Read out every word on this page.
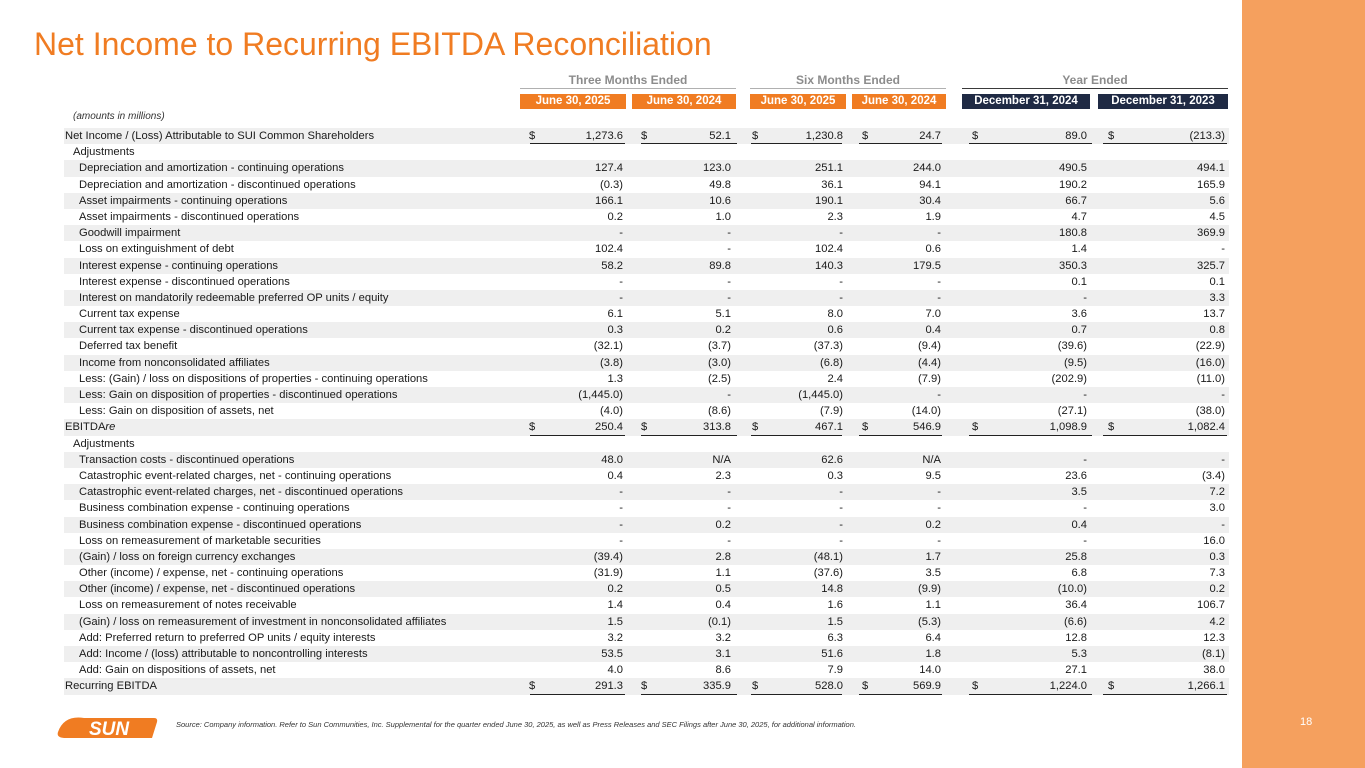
Net Income to Recurring EBITDA Reconciliation
Three Months Ended	Six Months Ended	Year Ended
June 30, 2025	June 30, 2024	June 30, 2025	June 30, 2024	December 31, 2024	December 31, 2023
(amounts in millions)
Net Income / (Loss) Attributable to SUI Common Shareholders	$	1,273.6 $	52.1 $	1,230.8 $	24.7	$	89.0 $	(213.3)
Adjustments
Depreciation and amortization - continuing operations	127.4	123.0	251.1	244.0	490.5	494.1
Depreciation and amortization - discontinued operations	(0.3)	49.8	36.1	94.1	190.2	165.9
Asset impairments - continuing operations	166.1	10.6	190.1	30.4	66.7	5.6
Asset impairments - discontinued operations	0.2	1.0	2.3	1.9	4.7	4.5
Goodwill impairment	-	-	-	-	180.8	369.9
Loss on extinguishment of debt	102.4	-	102.4	0.6	1.4	-
Interest expense - continuing operations	58.2	89.8	140.3	179.5	350.3	325.7
Interest expense - discontinued operations	-	-	-	-	0.1	0.1
Interest on mandatorily redeemable preferred OP units / equity	-	-	-	-	-	3.3
Current tax expense	6.1	5.1	8.0	7.0	3.6	13.7
Current tax expense - discontinued operations	0.3	0.2	0.6	0.4	0.7	0.8
Deferred tax benefit	(32.1)	(3.7)	(37.3)	(9.4)	(39.6)	(22.9)
Income from nonconsolidated affiliates	(3.8)	(3.0)	(6.8)	(4.4)	(9.5)	(16.0)
Less: (Gain) / loss on dispositions of properties - continuing operations	1.3	(2.5)	2.4	(7.9)	(202.9)	(11.0)
Less: Gain on disposition of properties - discontinued operations	(1,445.0)	-	(1,445.0)	-	-	-
Less: Gain on disposition of assets, net	(4.0)	(8.6)	(7.9)	(14.0)	(27.1)	(38.0)
EBITDAre	$	250.4 $	313.8 $	467.1 $	546.9	$	1,098.9 $	1,082.4
Adjustments
Transaction costs - discontinued operations	48.0	N/A	62.6	N/A	-	-
Catastrophic event-related charges, net - continuing operations	0.4	2.3	0.3	9.5	23.6	(3.4)
Catastrophic event-related charges, net - discontinued operations	-	-	-	-	3.5	7.2
Business combination expense - continuing operations	-	-	-	-	-	3.0
Business combination expense - discontinued operations	-	0.2	-	0.2	0.4	-
Loss on remeasurement of marketable securities	-	-	-	-	-	16.0
(Gain) / loss on foreign currency exchanges	(39.4)	2.8	(48.1)	1.7	25.8	0.3
Other (income) / expense, net - continuing operations	(31.9)	1.1	(37.6)	3.5	6.8	7.3
Other (income) / expense, net - discontinued operations	0.2	0.5	14.8	(9.9)	(10.0)	0.2
Loss on remeasurement of notes receivable	1.4	0.4	1.6	1.1	36.4	106.7
(Gain) / loss on remeasurement of investment in nonconsolidated affiliates	1.5	(0.1)	1.5	(5.3)	(6.6)	4.2
Add: Preferred return to preferred OP units / equity interests	3.2	3.2	6.3	6.4	12.8	12.3
Add: Income / (loss) attributable to noncontrolling interests	53.5	3.1	51.6	1.8	5.3	(8.1)
Add: Gain on dispositions of assets, net	4.0	8.6	7.9	14.0	27.1	38.0
Recurring EBITDA	$	291.3 $	335.9 $	528.0 $	569.9	$	1,224.0 $	1,266.1
SUN	Source: Company information. Refer to Sun Communities, Inc. Supplemental for the quarter ended June 30, 2025, as well as Press Releases and SEC Filings after June 30, 2025, for additional information.	18
